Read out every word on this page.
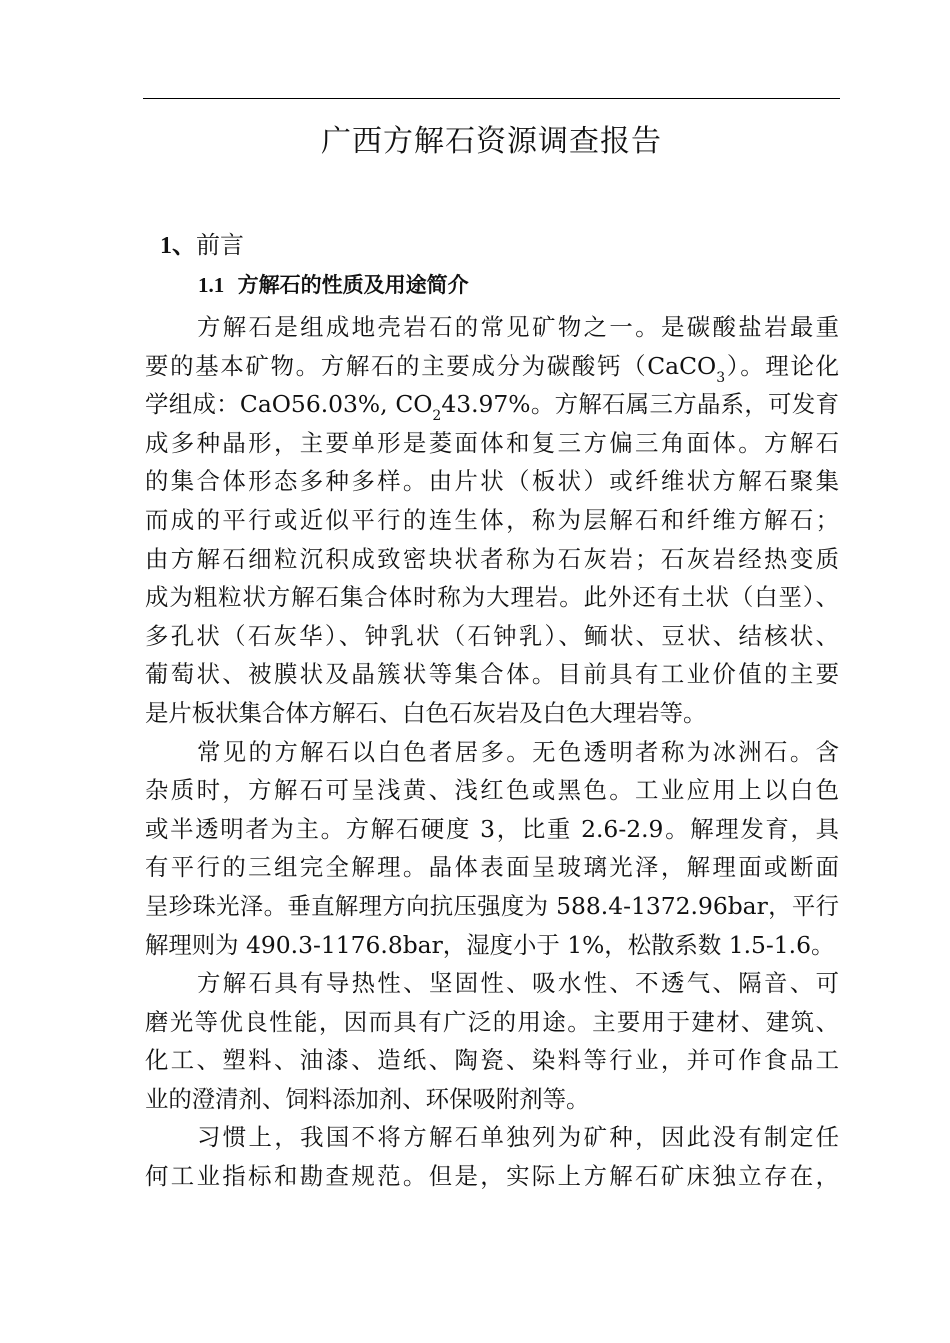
广西方解石资源调查报告
1、前言
1.1 方解石的性质及用途简介
方解石是组成地壳岩石的常见矿物之一。是碳酸盐岩最重
要的基本矿物。方解石的主要成分为碳酸钙（CaCO$_3$）。理论化
学组成：CaO56.03%, $CO_243.97\%$。方解石属三方晶系，可发育
成多种晶形，主要单形是菱面体和复三方偏三角面体。方解石
的集合体形态多种多样。由片状（板状）或纤维状方解石聚集
而成的平行或近似平行的连生体，称为层解石和纤维方解石；
由方解石细粒沉积成致密块状者称为石灰岩；石灰岩经热变质
成为粗粒状方解石集合体时称为大理岩。此外还有土状（白垩）、
多孔状（石灰华）、钟乳状（石钟乳）、鲕状、豆状、结核状、
葡萄状、被膜状及晶簇状等集合体。目前具有工业价值的主要
是片板状集合体方解石、白色石灰岩及白色大理岩等。
常见的方解石以白色者居多。无色透明者称为冰洲石。含
杂质时，方解石可呈浅黄、浅红色或黑色。工业应用上以白色
或半透明者为主。方解石硬度 3，比重 2.6-2.9。解理发育，具
有平行的三组完全解理。晶体表面呈玻璃光泽，解理面或断面
呈珍珠光泽。垂直解理方向抗压强度为 588.4-1372.96bar，平行
解理则为 490.3-1176.8bar，湿度小于 1%，松散系数 1.5-1.6。
方解石具有导热性、坚固性、吸水性、不透气、隔音、可
磨光等优良性能，因而具有广泛的用途。主要用于建材、建筑、
化工、塑料、油漆、造纸、陶瓷、染料等行业，并可作食品工
业的澄清剂、饲料添加剂、环保吸附剂等。
习惯上，我国不将方解石单独列为矿种，因此没有制定任
何工业指标和勘查规范。但是，实际上方解石矿床独立存在，
